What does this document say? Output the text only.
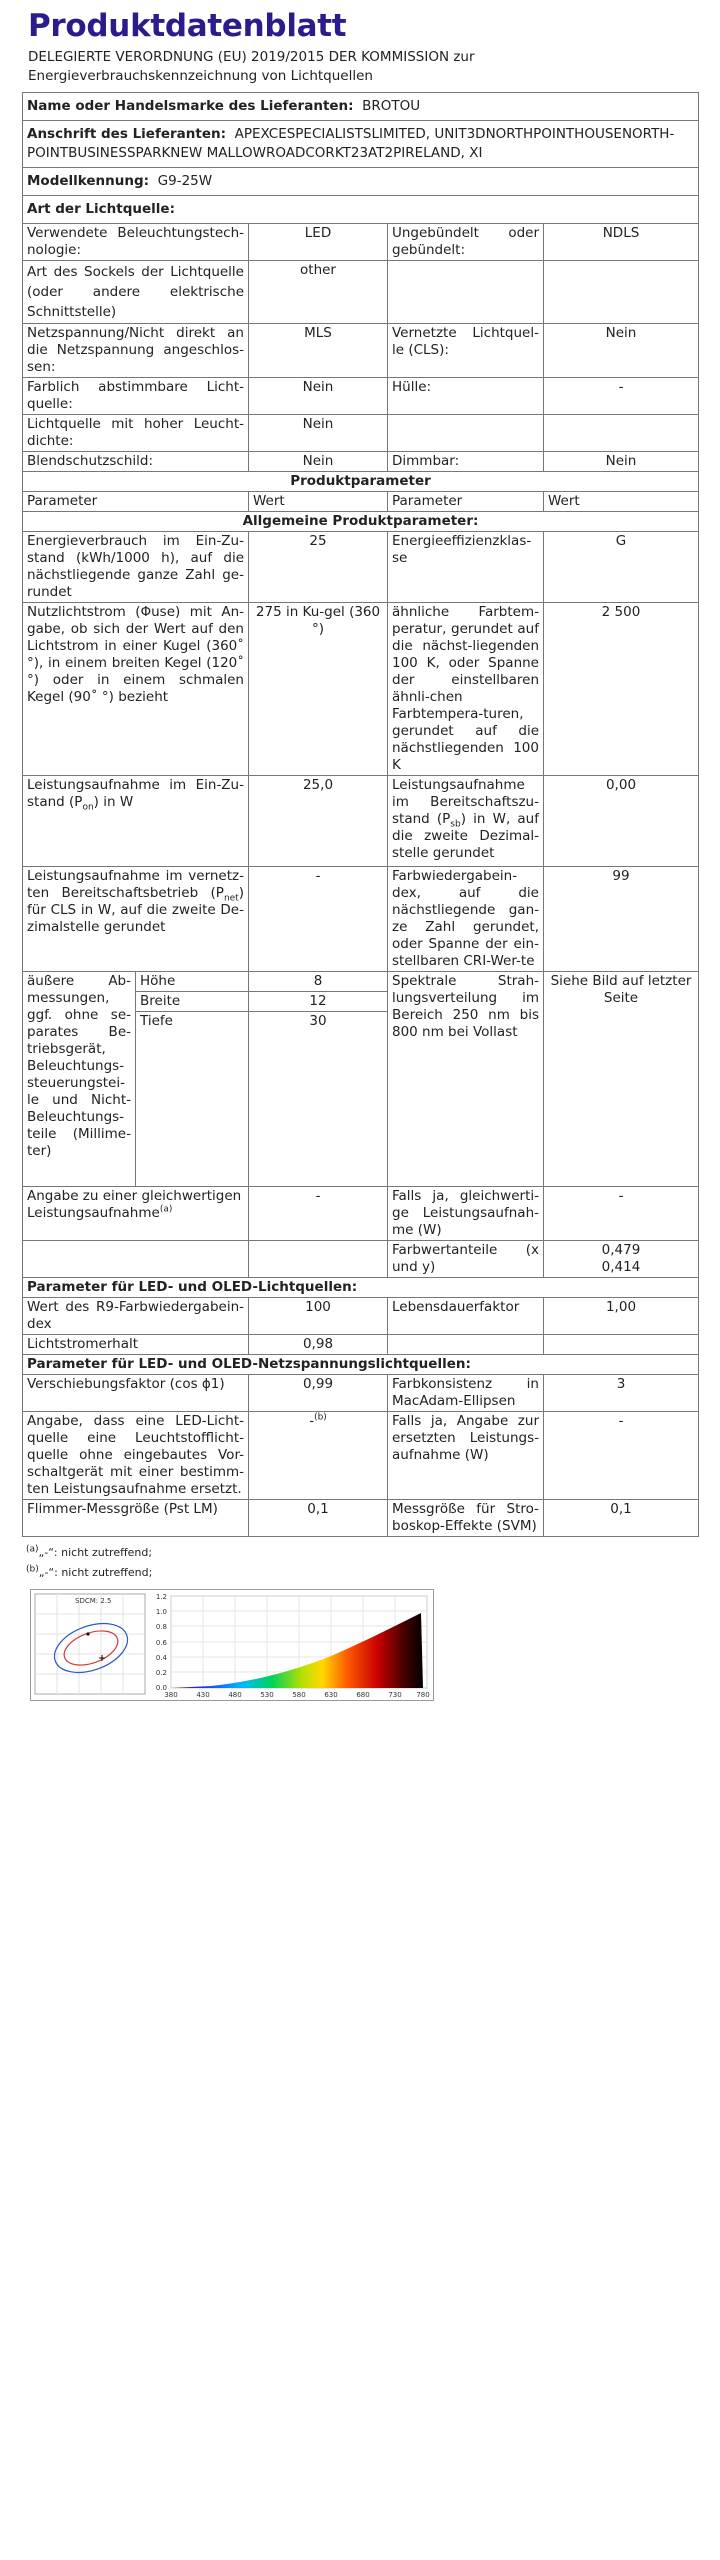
Produktdatenblatt
DELEGIERTE VERORDNUNG (EU) 2019/2015 DER KOMMISSION zur Energieverbrauchskennzeichnung von Lichtquellen
Name oder Handelsmarke des Lieferanten: BROTOU				
Anschrift des Lieferanten: APEXCESPECIALISTSLIMITED, UNIT3DNORTHPOINTHOUSENORTH-POINTBUSINESSPARKNEW MALLOWROADCORKT23AT2PIRELAND, XI				
Modellkennung: G9-25W				
Art der Lichtquelle:				
Verwendete Beleuchtungstech-nologie:		LED	Ungebündelt oder gebündelt:	NDLS
Art des Sockels der Lichtquelle (oder andere elektrische Schnittstelle)		other		
Netzspannung/Nicht direkt an die Netzspannung angeschlos-sen:		MLS	Vernetzte Lichtquel-le (CLS):	Nein
Farblich abstimmbare Licht-quelle:		Nein	Hülle:	-
Lichtquelle mit hoher Leucht-dichte:		Nein		
Blendschutzschild:		Nein	Dimmbar:	Nein
Produktparameter				
Parameter		Wert	Parameter	Wert
Allgemeine Produktparameter:				
Energieverbrauch im Ein-Zu-stand (kWh/1000 h), auf die nächstliegende ganze Zahl ge-rundet		25	Energieeffizienzklas-se	G
Nutzlichtstrom (Φuse) mit An-gabe, ob sich der Wert auf den Lichtstrom in einer Kugel (360˚ °), in einem breiten Kegel (120˚ °) oder in einem schmalen Kegel (90˚ °) bezieht		275 in Ku-gel (360 °)	ähnliche Farbtem-peratur, gerundet auf die nächst-liegenden 100 K, oder Spanne der einstellbaren ähnli-chen Farbtempera-turen, gerundet auf die nächstliegenden 100 K	2 500
Leistungsaufnahme im Ein-Zu-stand $(P_{on})$ in W		25,0	Leistungsaufnahme im Bereitschaftszu-stand $(P_{sb})$ in W, auf die zweite Dezimal-stelle gerundet	0,00
Leistungsaufnahme im vernetz-ten Bereitschaftsbetrieb $(P_{net})$ für CLS in W, auf die zweite De-zimalstelle gerundet		-	Farbwiedergabein-dex, auf die nächstliegende gan-ze Zahl gerundet, oder Spanne der ein-stellbaren CRI-Wer-te	99
äußere Ab-messungen, ggf. ohne se-parates Be-triebsgerät, Beleuchtungs-steuerungstei-le und Nicht-Beleuchtungs-teile (Millime-ter)	Höhe	8	Spektrale Strah-lungsverteilung im Bereich 250 nm bis 800 nm bei Vollast	Siehe Bild auf letzter Seite
	Breite	12		
	Tiefe	30		
Angabe zu einer gleichwertigen Leistungsaufnahme$^{(a)}$		-	Falls ja, gleichwerti-ge Leistungsaufnah-me (W)	-
			Farbwertanteile (x und y)	0,479
0,414

Parameter für LED- und OLED-Lichtquellen:				
Wert des R9-Farbwiedergabein-dex		100	Lebensdauerfaktor	1,00
Lichtstromerhalt		0,98		
Parameter für LED- und OLED-Netzspannungslichtquellen:				
Verschiebungsfaktor (cos ϕ1)		0,99	Farbkonsistenz in MacAdam-Ellipsen	3
Angabe, dass eine LED-Licht-quelle eine Leuchtstofflicht-quelle ohne eingebautes Vor-schaltgerät mit einer bestimm-ten Leistungsaufnahme ersetzt.		-$^{(b)}$	Falls ja, Angabe zur ersetzten Leistungs-aufnahme (W)	-
Flimmer-Messgröße (Pst LM)		0,1	Messgröße für Stro-boskop-Effekte (SVM)	0,1
$^{(a)}$„-“: nicht zutreffend;
$^{(b)}$„-“: nicht zutreffend;
SDCM: 2.5	1.2
1.0
0.8
0.6
0.4
0.2
0.0
380	430	480	530	580	630	680	730 780
